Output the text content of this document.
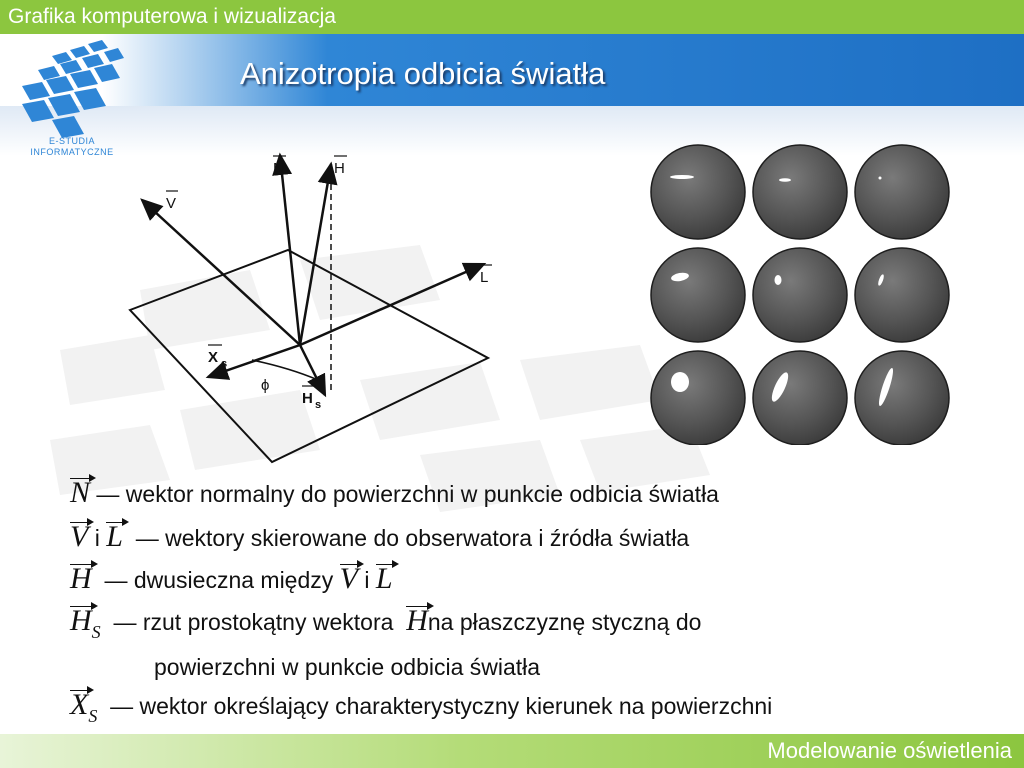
Grafika komputerowa i wizualizacja
E-STUDIA
INFORMATYCZNE
Anizotropia odbicia światła
N	H
V
L
X s
H s
ϕ
N — wektor normalny do powierzchni w punkcie odbicia światła
V i L — wektory skierowane do obserwatora i źródła światła
H — dwusieczna między V i L
$H_S$ — rzut prostokątny wektora Hna płaszczyznę styczną do
powierzchni w punkcie odbicia światła
$X_S$ — wektor określający charakterystyczny kierunek na powierzchni
Modelowanie oświetlenia
